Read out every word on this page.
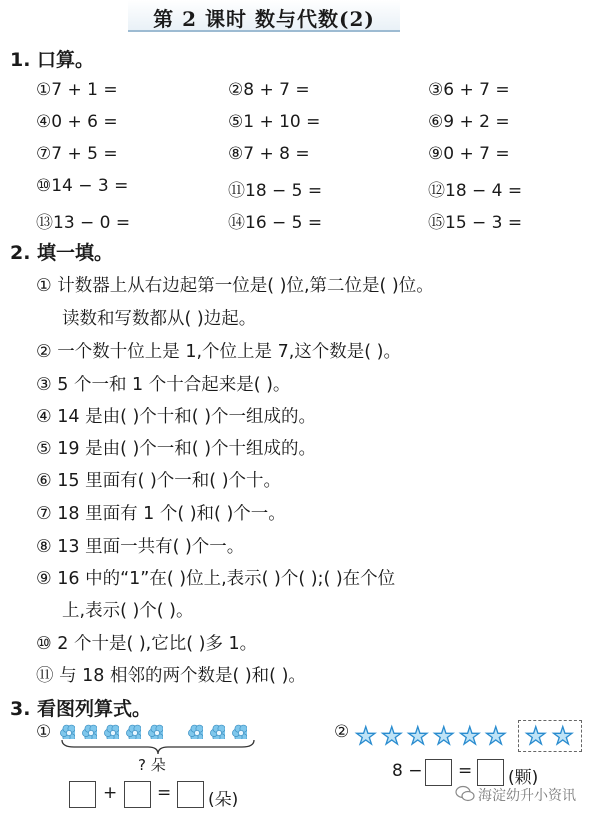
第 2 课时 数与代数(2)
1. 口算。
①7 + 1 =	②8 + 7 =	③6 + 7 =
④0 + 6 =	⑤1 + 10 =	⑥9 + 2 =
⑦7 + 5 =	⑧7 + 8 =	⑨0 + 7 =
⑩14 − 3 =	⑪18 − 5 =	⑫18 − 4 =
⑬13 − 0 =	⑭16 − 5 =	⑮15 − 3 =
2. 填一填。
① 计数器上从右边起第一位是( )位,第二位是( )位。
读数和写数都从( )边起。
② 一个数十位上是 1,个位上是 7,这个数是( )。
③ 5 个一和 1 个十合起来是( )。
④ 14 是由( )个十和( )个一组成的。
⑤ 19 是由( )个一和( )个十组成的。
⑥ 15 里面有( )个一和( )个十。
⑦ 18 里面有 1 个( )和( )个一。
⑧ 13 里面一共有( )个一。
⑨ 16 中的“1”在( )位上,表示( )个( );( )在个位
上,表示( )个( )。
⑩ 2 个十是( ),它比( )多 1。
⑪ 与 18 相邻的两个数是( )和( )。
3. 看图列算式。
①
? 朵
+ = (朵)
② ★ ★ ★ ★ ★ ★ ★ ★
8 − = (颗)
海淀幼升小资讯
